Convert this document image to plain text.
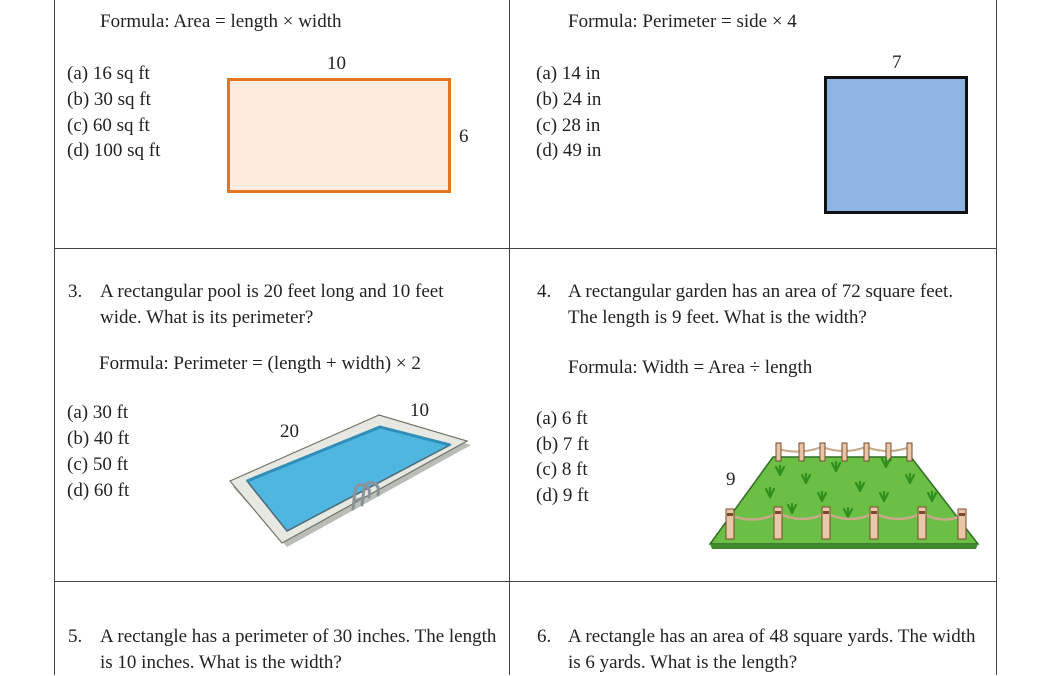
Formula: Area = length × width
(a) 16 sq ft
(b) 30 sq ft
(c) 60 sq ft
(d) 100 sq ft
10
6
Formula: Perimeter = side × 4
(a) 14 in
(b) 24 in
(c) 28 in
(d) 49 in
7
3. A rectangular pool is 20 feet long and 10 feet wide. What is its perimeter?
Formula: Perimeter = (length + width) × 2
(a) 30 ft
(b) 40 ft
(c) 50 ft
(d) 60 ft
20
10
4. A rectangular garden has an area of 72 square feet. The length is 9 feet. What is the width?
Formula: Width = Area ÷ length
(a) 6 ft
(b) 7 ft
(c) 8 ft
(d) 9 ft
9
5. A rectangle has a perimeter of 30 inches. The length is 10 inches. What is the width?
6. A rectangle has an area of 48 square yards. The width is 6 yards. What is the length?
